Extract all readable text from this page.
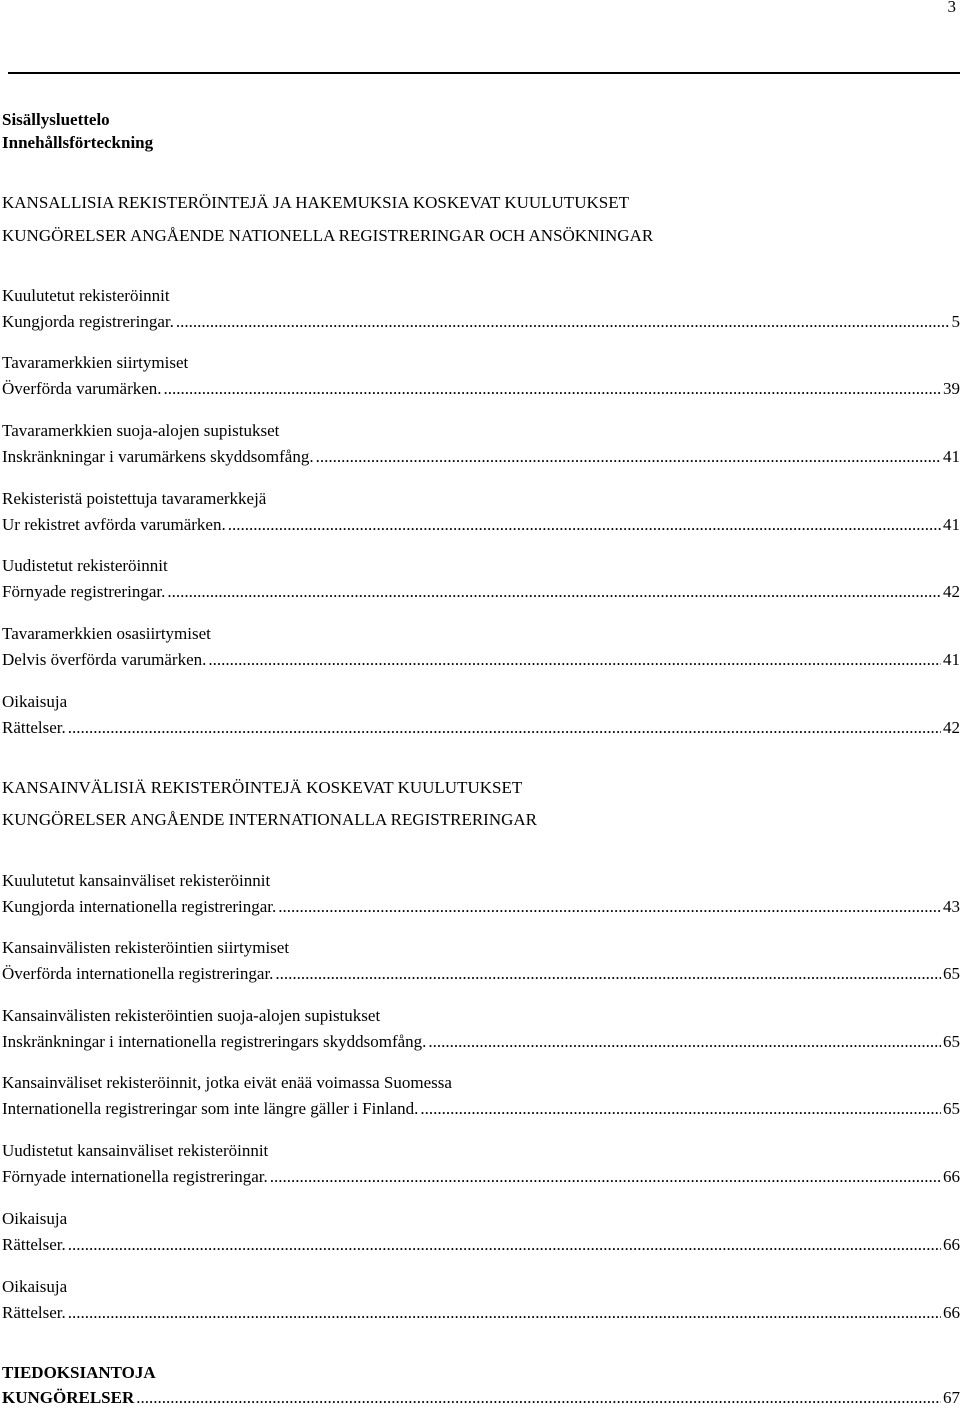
3
Sisällysluettelo
Innehållsförteckning
KANSALLISIA REKISTERÖINTEJÄ JA HAKEMUKSIA KOSKEVAT KUULUTUKSET
KUNGÖRELSER ANGÅENDE NATIONELLA REGISTRERINGAR OCH ANSÖKNINGAR
Kuulutetut rekisteröinnit
Kungjorda registreringar. .....	5
Tavaramerkkien siirtymiset
Överförda varumärken. .....	39
Tavaramerkkien suoja-alojen supistukset
Inskränkningar i varumärkens skyddsomfång. .....	41
Rekisteristä poistettuja tavaramerkkejä
Ur rekistret avförda varumärken. .....	41
Uudistetut rekisteröinnit
Förnyade registreringar. .....	42
Tavaramerkkien osasiirtymiset
Delvis överförda varumärken. .....	41
Oikaisuja
Rättelser. .....	42
KANSAINVÄLISIÄ REKISTERÖINTEJÄ KOSKEVAT KUULUTUKSET
KUNGÖRELSER ANGÅENDE INTERNATIONALLA REGISTRERINGAR
Kuulutetut kansainväliset rekisteröinnit
Kungjorda internationella registreringar. .....	43
Kansainvälisten rekisteröintien siirtymiset
Överförda internationella registreringar. .....	65
Kansainvälisten rekisteröintien suoja-alojen supistukset
Inskränkningar i internationella registreringars skyddsomfång. .....	65
Kansainväliset rekisteröinnit, jotka eivät enää voimassa Suomessa
Internationella registreringar som inte längre gäller i Finland. .....	65
Uudistetut kansainväliset rekisteröinnit
Förnyade internationella registreringar. .....	66
Oikaisuja
Rättelser. .....	66
Oikaisuja
Rättelser. .....	66
TIEDOKSIANTOJA
KUNGÖRELSER .....	67
